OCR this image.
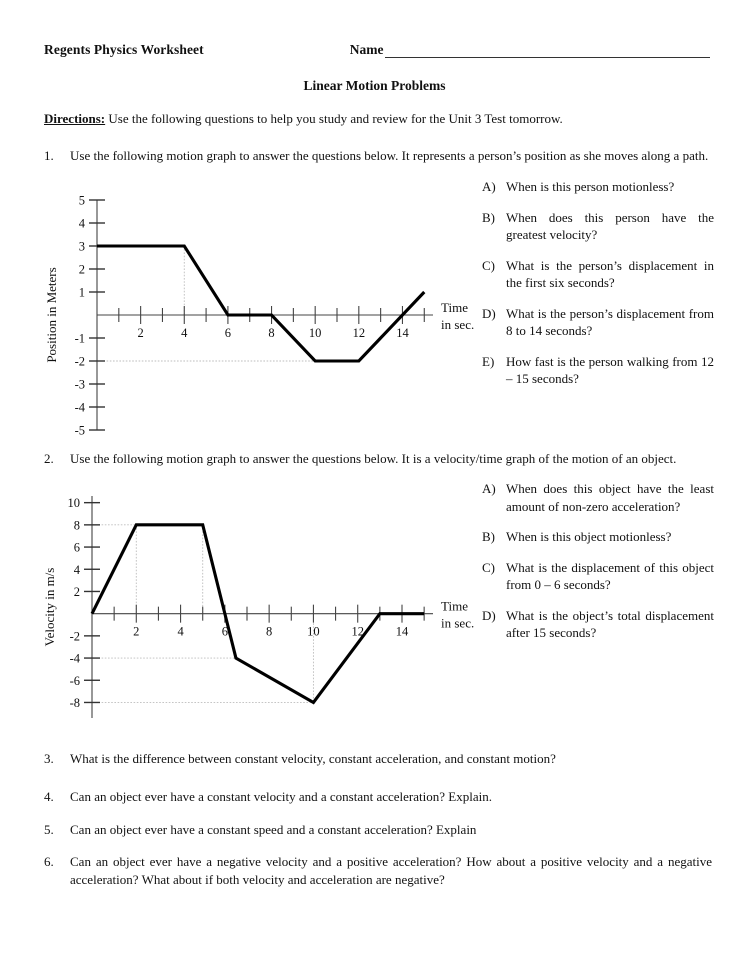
Regents Physics Worksheet	Name
Linear Motion Problems
Directions: Use the following questions to help you study and review for the Unit 3 Test tomorrow.
1.	Use the following motion graph to answer the questions below. It represents a person’s position as she moves along a path.
2	4	6	8	10 12 14
-5
-4
-3
-2
-1
1
2
3
4
5
Time
in sec.
Position in Meters
A) When is this person motionless?
B) When does this person have the greatest velocity?
C) What is the person’s displacement in the first six seconds?
D) What is the person’s displacement from 8 to 14 seconds?
E) How fast is the person walking from 12 – 15 seconds?
2.	Use the following motion graph to answer the questions below. It is a velocity/time graph of the motion of an object.
2	4	6	8	10	12	14
-8
-6
-4
-2
2
4
6
8
10
Time
in sec.
Velocity in m/s
A) When does this object have the least amount of non-zero acceleration?
B) When is this object motionless?
C) What is the displacement of this object from 0 – 6 seconds?
D) What is the object’s total displacement after 15 seconds?
3.	What is the difference between constant velocity, constant acceleration, and constant motion?
4.	Can an object ever have a constant velocity and a constant acceleration? Explain.
5.	Can an object ever have a constant speed and a constant acceleration? Explain
6.	Can an object ever have a negative velocity and a positive acceleration? How about a positive velocity and a negative acceleration? What about if both velocity and acceleration are negative?
